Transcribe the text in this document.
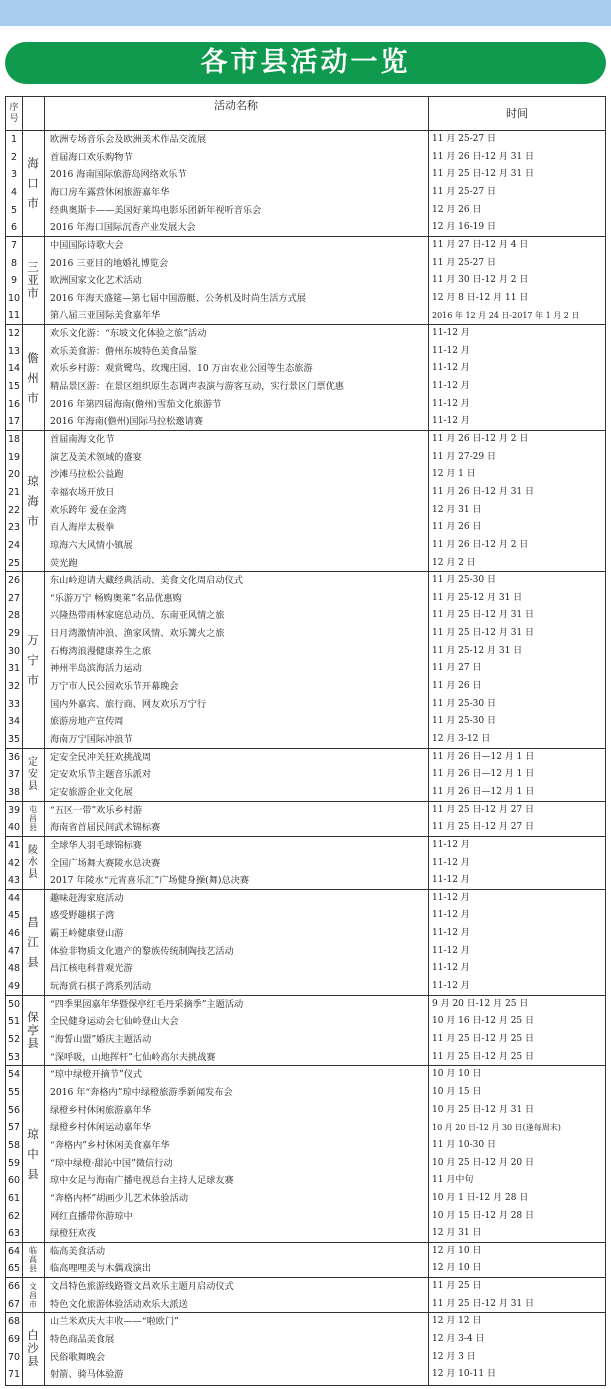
各市县活动一览
序号
活动名称
时间
海
口
市
1	欧洲专场音乐会及欧洲美术作品交流展	11 月 25-27 日
2	首届海口欢乐购物节	11 月 26 日-12 月 31 日
3	2016 海南国际旅游岛网络欢乐节	11 月 25 日-12 月 31 日
4	海口房车露营休闲旅游嘉年华	11 月 25-27 日
5	经典奥斯卡——美国好莱坞电影乐团新年视听音乐会	12 月 26 日
6	2016 年海口国际沉香产业发展大会	12 月 16-19 日
三
亚
市
7	中国国际诗歌大会	11 月 27 日-12 月 4 日
8	2016 三亚目的地婚礼博览会	11 月 25-27 日
9	欧洲国家文化艺术活动	11 月 30 日-12 月 2 日
10	2016 年海天盛筵—第七届中国游艇、公务机及时尚生活方式展	12 月 8 日-12 月 11 日
11	第八届三亚国际美食嘉年华	2016 年 12 月 24 日-2017 年 1 月 2 日
儋
州
市
12	欢乐文化游：“东坡文化体验之旅”活动	11-12 月
13	欢乐美食游：儋州东坡特色美食品鉴	11-12 月
14	欢乐乡村游：观赏鹭鸟、玫瑰庄园、10 万亩农业公园等生态旅游	11-12 月
15	精品景区游：在景区组织原生态调声表演与游客互动，实行景区门票优惠	11-12 月
16	2016 年第四届海南(儋州)雪茄文化旅游节	11-12 月
17	2016 年海南(儋州)国际马拉松邀请赛	11-12 月
琼
海
市
18	首届南海文化节	11 月 26 日-12 月 2 日
19	演艺及美术领域的盛宴	11 月 27-29 日
20	沙滩马拉松公益跑	12 月 1 日
21	幸福农场开放日	11 月 26 日-12 月 31 日
22	欢乐跨年 爱在金湾	12 月 31 日
23	百人海岸太极拳	11 月 26 日
24	琼海六大风情小镇展	11 月 26 日-12 月 2 日
25	荧光跑	12 月 2 日
万
宁
市
26	东山岭迎请大藏经典活动、美食文化周启动仪式	11 月 25-30 日
27	“乐游万宁 畅购奥莱”名品优惠购	11 月 25-12 月 31 日
28	兴隆热带雨林家庭总动员、东南亚风情之旅	11 月 25 日-12 月 31 日
29	日月湾激情冲浪、渔家风情、欢乐篝火之旅	11 月 25 日-12 月 31 日
30	石梅湾浪漫健康养生之旅	11 月 25-12 月 31 日
31	神州半岛滨海活力运动	11 月 27 日
32	万宁市人民公园欢乐节开幕晚会	11 月 26 日
33	国内外嘉宾、旅行商、网友欢乐万宁行	11 月 25-30 日
34	旅游房地产宣传周	11 月 25-30 日
35	海南万宁国际冲浪节	12 月 3-12 日
定
安
县
36	定安全民冲关狂欢挑战周	11 月 26 日—12 月 1 日
37	定安欢乐节主题音乐派对	11 月 26 日—12 月 1 日
38	定安旅游企业文化展	11 月 26 日—12 月 1 日
屯
昌
县
39	“五区一带”欢乐乡村游	11 月 25 日-12 月 27 日
40	海南省首届民间武术锦标赛	11 月 25 日-12 月 27 日
陵
水
县
41	全球华人羽毛球锦标赛	11-12 月
42	全国广场舞大赛陵水总决赛	11-12 月
43	2017 年陵水“元宵喜乐汇”广场健身操(舞)总决赛	11-12 月
昌
江
县
44	趣味赶海家庭活动	11-12 月
45	感受野趣棋子湾	11-12 月
46	霸王岭健康登山游	11-12 月
47	体验非物质文化遗产的黎族传统制陶技艺活动	11-12 月
48	昌江核电科普观光游	11-12 月
49	玩海赏石棋子湾系列活动	11-12 月
保
亭
县
50	“四季果园嘉年华暨保亭红毛丹采摘季”主题活动	9 月 20 日-12 月 25 日
51	全民健身运动会七仙岭登山大会	10 月 16 日-12 月 25 日
52	“海誓山盟”婚庆主题活动	11 月 25 日-12 月 25 日
53	“深呼吸，山地挥杆”七仙岭高尔夫挑战赛	11 月 25 日-12 月 25 日
琼
中
县
54	“琼中绿橙开摘节”仪式	10 月 10 日
55	2016 年“奔格内”琼中绿橙旅游季新闻发布会	10 月 15 日
56	绿橙乡村休闲旅游嘉年华	10 月 25 日-12 月 31 日
57	绿橙乡村休闲运动嘉年华	10 月 20 日-12 月 30 日(逢每周末)
58	“奔格内”乡村休闲美食嘉年华	11 月 10-30 日
59	“琼中绿橙·甜沁中国”微信行动	10 月 25 日-12 月 20 日
60	琼中女足与海南广播电视总台主持人足球友赛	11 月中旬
61	“奔格内杯”胡画少儿艺术体验活动	10 月 1 日-12 月 28 日
62	网红直播带你游琼中	10 月 15 日-12 月 28 日
63	绿橙狂欢夜	12 月 31 日
临
高
县
64	临高美食活动	12 月 10 日
65	临高哩哩美与木偶戏演出	12 月 10 日
文
昌
市
66	文昌特色旅游线路暨文昌欢乐主题月启动仪式	11 月 25 日
67	特色文化旅游体验活动欢乐大派送	11 月 25 日-12 月 31 日
白
沙
县
68	山兰米欢庆大丰收——“啦欧门”	12 月 12 日
69	特色商品美食展	12 月 3-4 日
70	民俗歌舞晚会	12 月 3 日
71	射箭、骑马体验游	12 月 10-11 日
